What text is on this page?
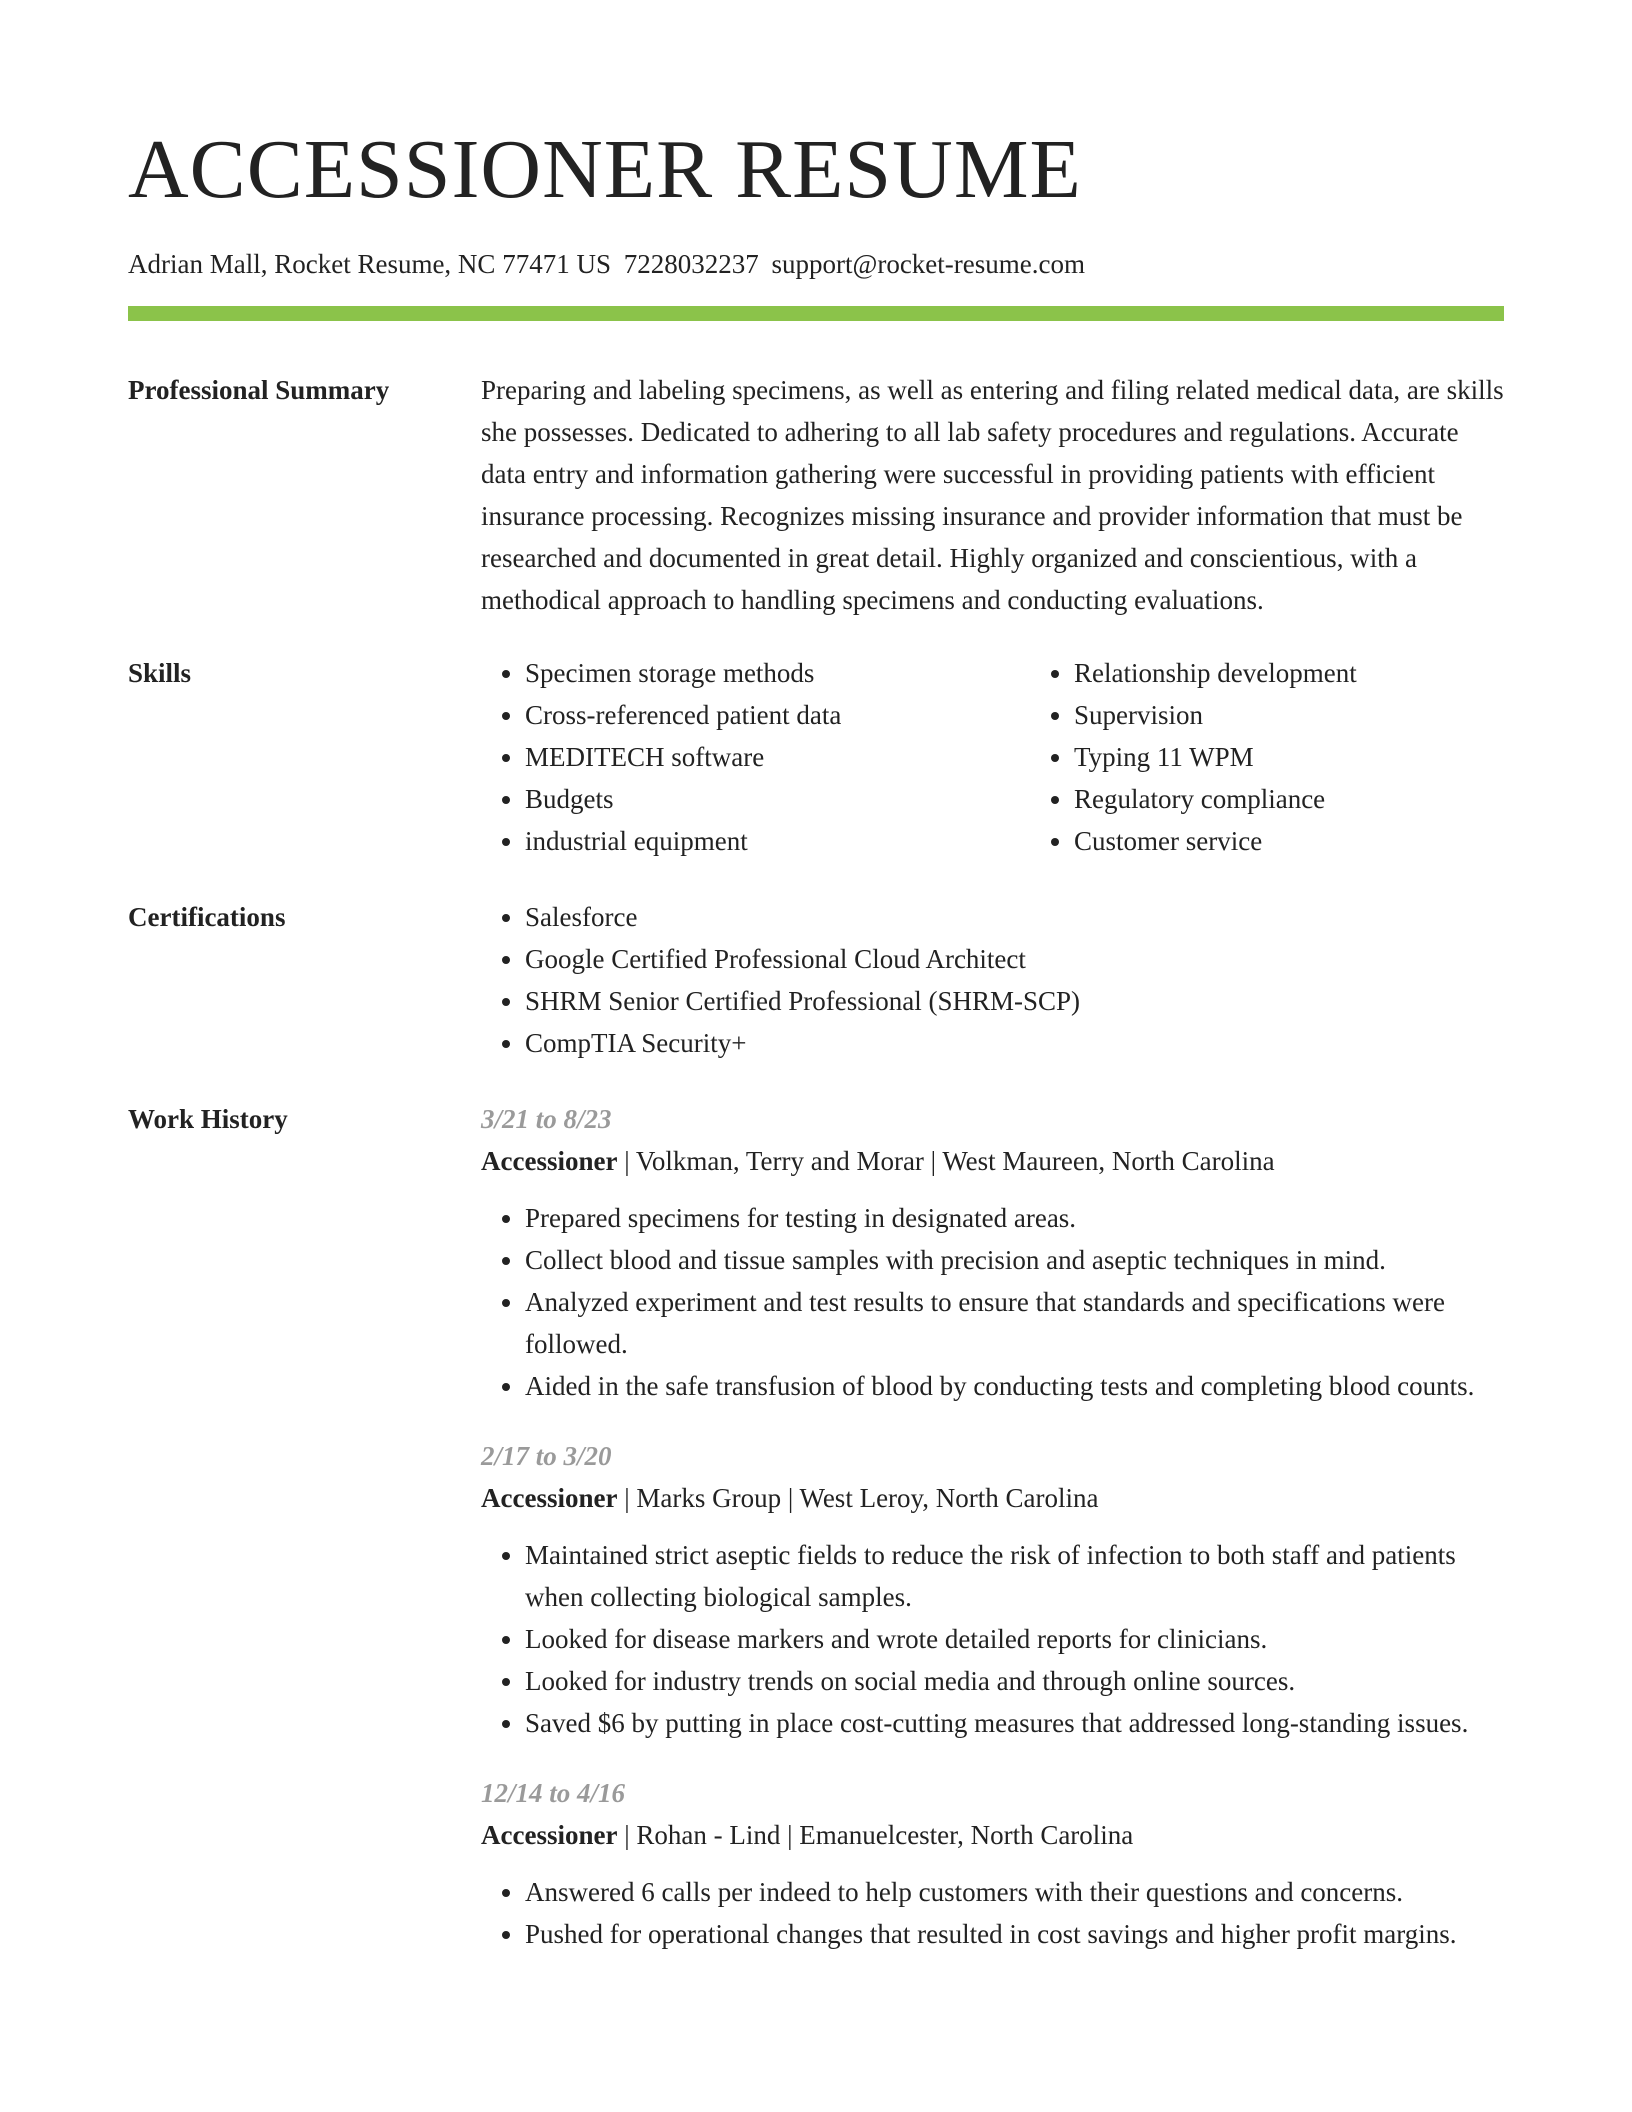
ACCESSIONER RESUME
Adrian Mall, Rocket Resume, NC 77471 US 7228032237 support@rocket-resume.com
Professional Summary	Preparing and labeling specimens, as well as entering and filing related medical data, are skills she possesses. Dedicated to adhering to all lab safety procedures and regulations. Accurate data entry and information gathering were successful in providing patients with efficient insurance processing. Recognizes missing insurance and provider information that must be researched and documented in great detail. Highly organized and conscientious, with a methodical approach to handling specimens and conducting evaluations.

Skills	• Specimen storage methods
• Cross-referenced patient data
• MEDITECH software
• Budgets
• industrial equipment
• Relationship development
• Supervision
• Typing 11 WPM
• Regulatory compliance
• Customer service
Certifications	• Salesforce
• Google Certified Professional Cloud Architect
• SHRM Senior Certified Professional (SHRM-SCP)
• CompTIA Security+
Work History	3/21 to 8/23
Accessioner | Volkman, Terry and Morar | West Maureen, North Carolina
• Prepared specimens for testing in designated areas.
• Collect blood and tissue samples with precision and aseptic techniques in mind.
• Analyzed experiment and test results to ensure that standards and specifications were followed.
• Aided in the safe transfusion of blood by conducting tests and completing blood counts.
2/17 to 3/20
Accessioner | Marks Group | West Leroy, North Carolina
• Maintained strict aseptic fields to reduce the risk of infection to both staff and patients when collecting biological samples.
• Looked for disease markers and wrote detailed reports for clinicians.
• Looked for industry trends on social media and through online sources.
• Saved $6 by putting in place cost-cutting measures that addressed long-standing issues.
12/14 to 4/16
Accessioner | Rohan - Lind | Emanuelcester, North Carolina
• Answered 6 calls per indeed to help customers with their questions and concerns.
• Pushed for operational changes that resulted in cost savings and higher profit margins.
